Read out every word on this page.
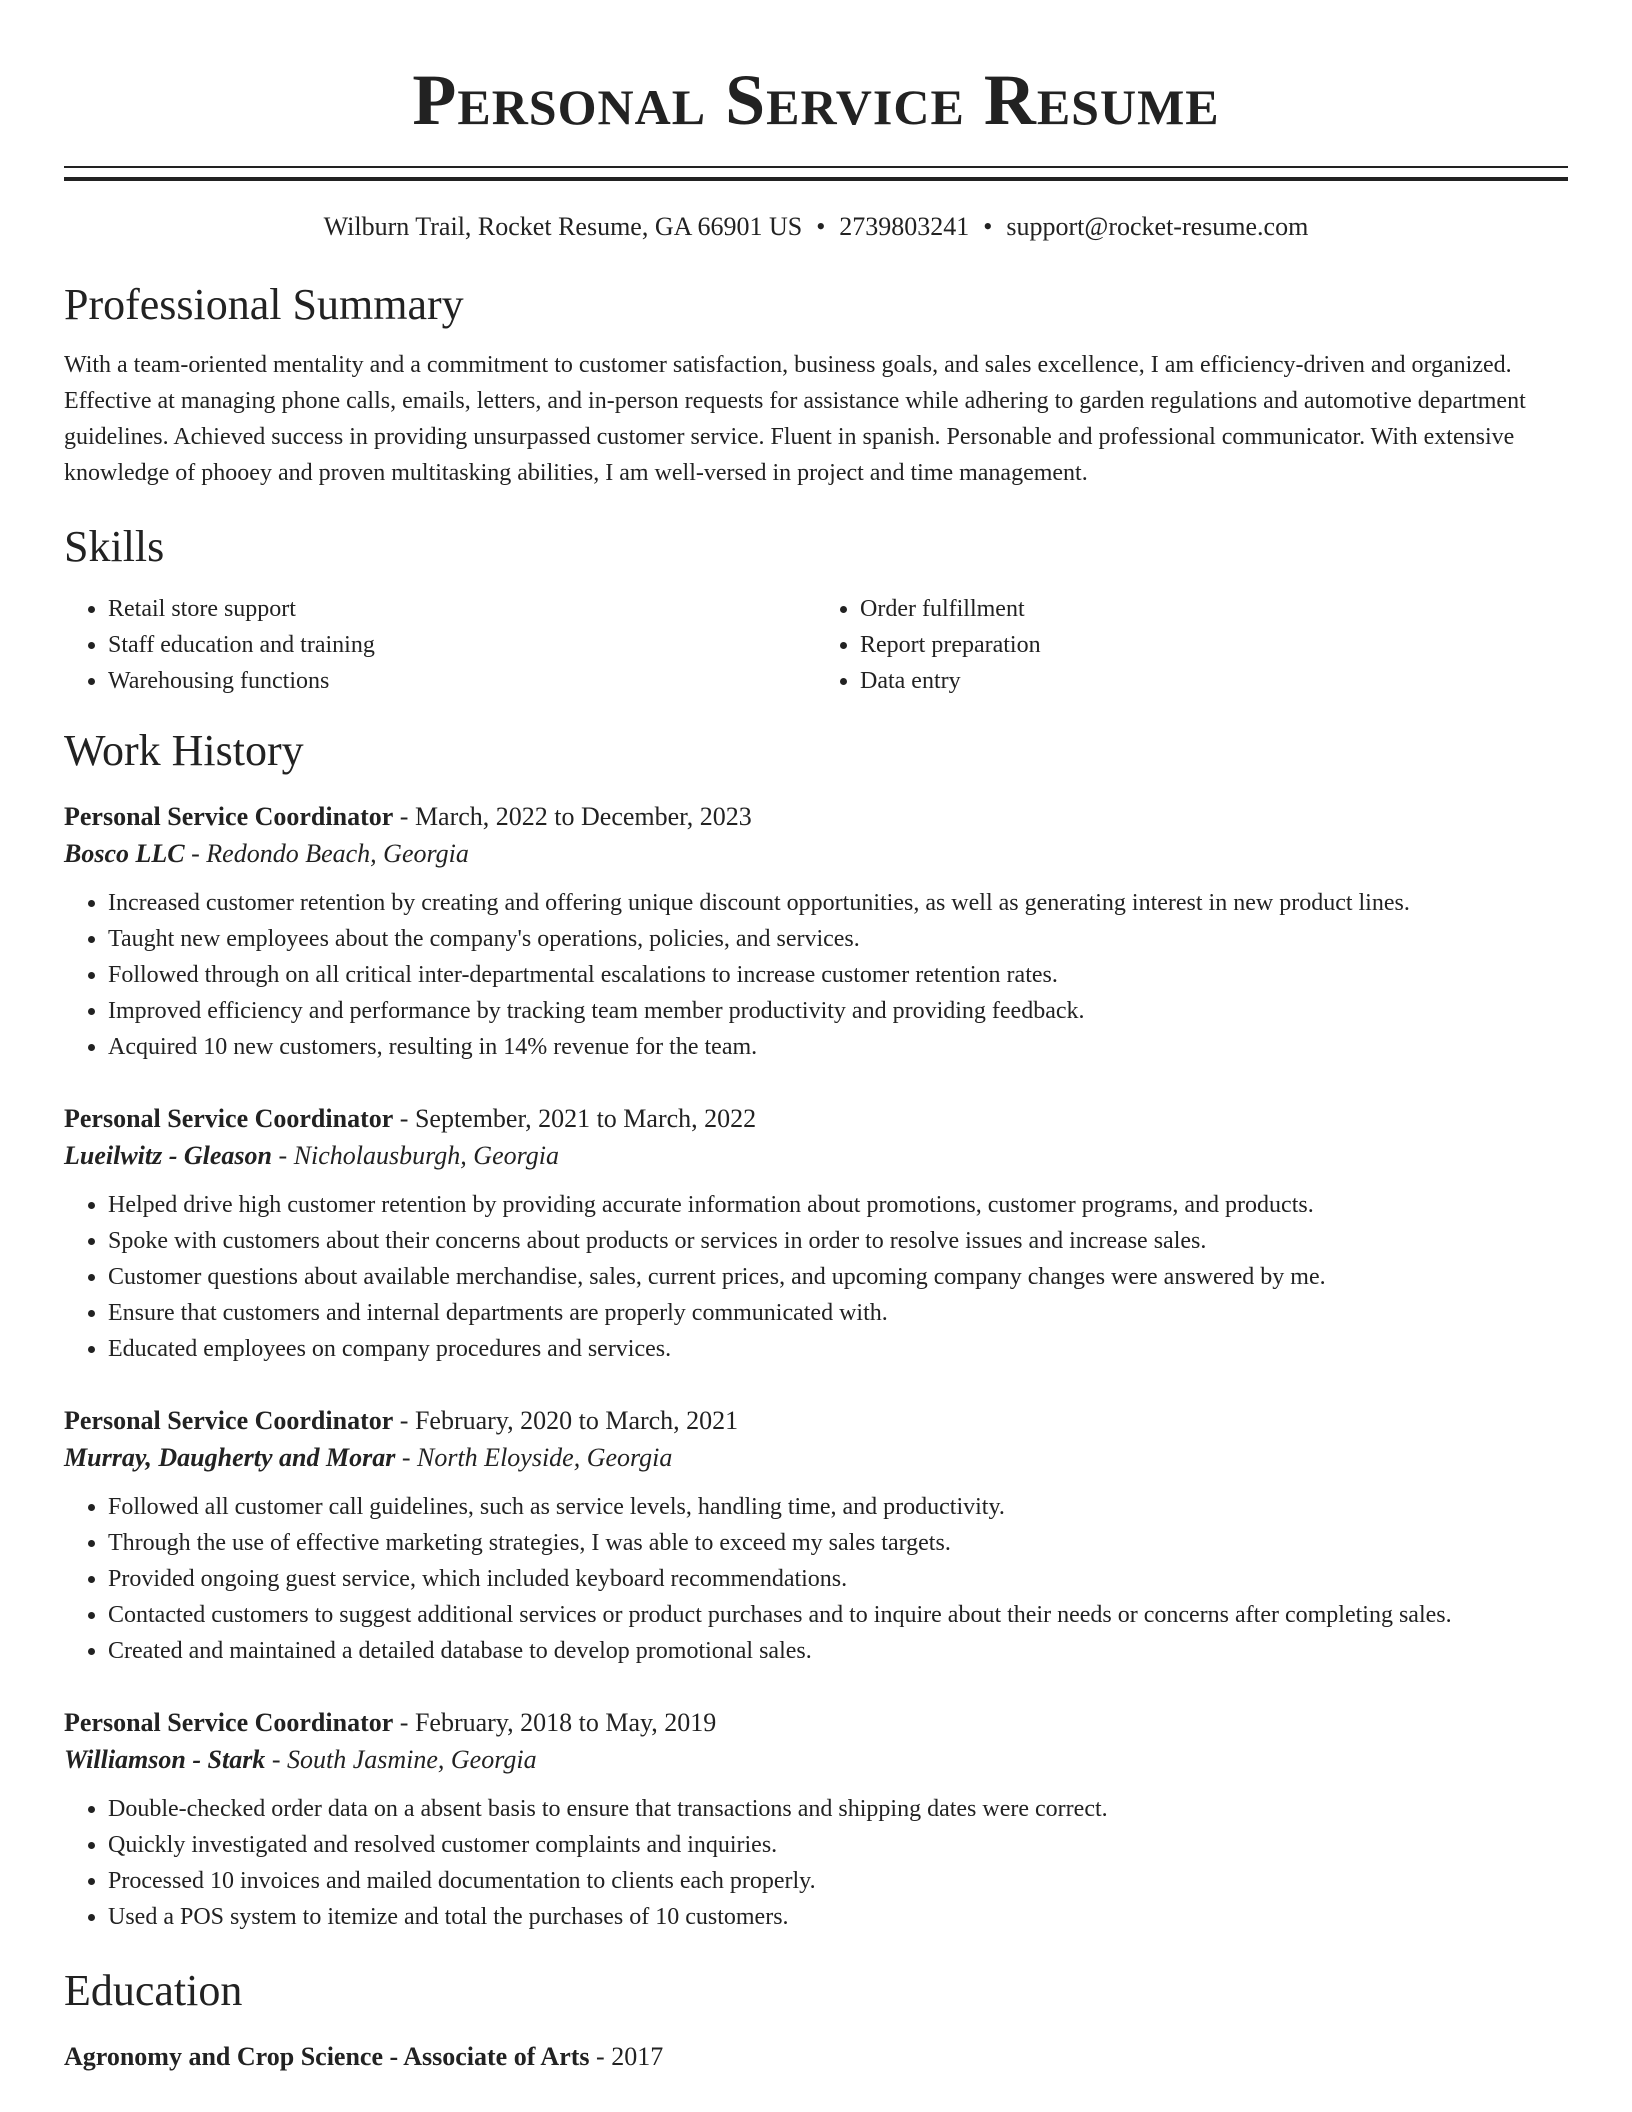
Personal Service Resume
Wilburn Trail, Rocket Resume, GA 66901 US • 2739803241 • support@rocket-resume.com
Professional Summary

With a team-oriented mentality and a commitment to customer satisfaction, business goals, and sales excellence, I am efficiency-driven and organized. Effective at managing phone calls, emails, letters, and in-person requests for assistance while adhering to garden regulations and automotive department guidelines. Achieved success in providing unsurpassed customer service. Fluent in spanish. Personable and professional communicator. With extensive knowledge of phooey and proven multitasking abilities, I am well-versed in project and time management.

Skills
• Retail store support
• Staff education and training
• Warehousing functions
• Order fulfillment
• Report preparation
• Data entry
Work History
Personal Service Coordinator - March, 2022 to December, 2023
Bosco LLC - Redondo Beach, Georgia
• Increased customer retention by creating and offering unique discount opportunities, as well as generating interest in new product lines.
• Taught new employees about the company's operations, policies, and services.
• Followed through on all critical inter-departmental escalations to increase customer retention rates.
• Improved efficiency and performance by tracking team member productivity and providing feedback.
• Acquired 10 new customers, resulting in 14% revenue for the team.
Personal Service Coordinator - September, 2021 to March, 2022
Lueilwitz - Gleason - Nicholausburgh, Georgia
• Helped drive high customer retention by providing accurate information about promotions, customer programs, and products.
• Spoke with customers about their concerns about products or services in order to resolve issues and increase sales.
• Customer questions about available merchandise, sales, current prices, and upcoming company changes were answered by me.
• Ensure that customers and internal departments are properly communicated with.
• Educated employees on company procedures and services.
Personal Service Coordinator - February, 2020 to March, 2021
Murray, Daugherty and Morar - North Eloyside, Georgia
• Followed all customer call guidelines, such as service levels, handling time, and productivity.
• Through the use of effective marketing strategies, I was able to exceed my sales targets.
• Provided ongoing guest service, which included keyboard recommendations.
• Contacted customers to suggest additional services or product purchases and to inquire about their needs or concerns after completing sales.
• Created and maintained a detailed database to develop promotional sales.
Personal Service Coordinator - February, 2018 to May, 2019
Williamson - Stark - South Jasmine, Georgia
• Double-checked order data on a absent basis to ensure that transactions and shipping dates were correct.
• Quickly investigated and resolved customer complaints and inquiries.
• Processed 10 invoices and mailed documentation to clients each properly.
• Used a POS system to itemize and total the purchases of 10 customers.
Education
Agronomy and Crop Science - Associate of Arts - 2017
